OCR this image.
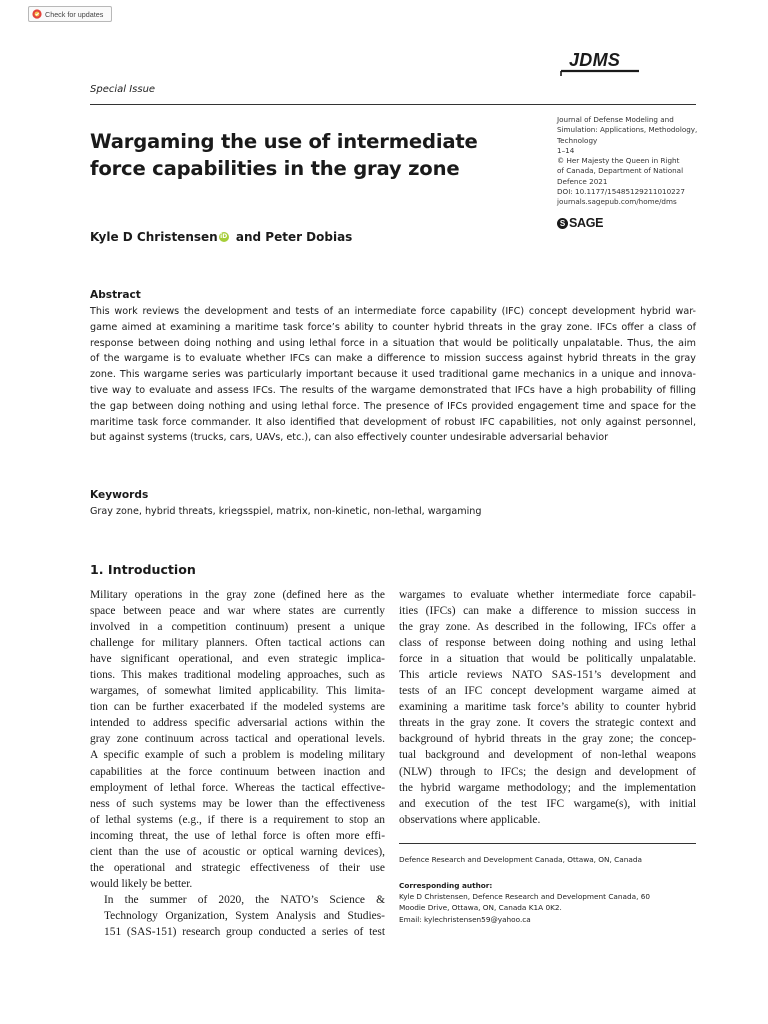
Check for updates
JDMS
Special Issue
Wargaming the use of intermediate
force capabilities in the gray zone
Journal of Defense Modeling and
Simulation: Applications, Methodology,
Technology
1–14
© Her Majesty the Queen in Right
of Canada, Department of National
Defence 2021
DOI: 10.1177/15485129211010227
journals.sagepub.com/home/dms
S SAGE
Kyle D Christensen iD and Peter Dobias
Abstract
This work reviews the development and tests of an intermediate force capability (IFC) concept development hybrid war-
game aimed at examining a maritime task force’s ability to counter hybrid threats in the gray zone. IFCs offer a class of
response between doing nothing and using lethal force in a situation that would be politically unpalatable. Thus, the aim
of the wargame is to evaluate whether IFCs can make a difference to mission success against hybrid threats in the gray
zone. This wargame series was particularly important because it used traditional game mechanics in a unique and innova-
tive way to evaluate and assess IFCs. The results of the wargame demonstrated that IFCs have a high probability of filling
the gap between doing nothing and using lethal force. The presence of IFCs provided engagement time and space for the
maritime task force commander. It also identified that development of robust IFC capabilities, not only against personnel,
but against systems (trucks, cars, UAVs, etc.), can also effectively counter undesirable adversarial behavior
Keywords
Gray zone, hybrid threats, kriegsspiel, matrix, non-kinetic, non-lethal, wargaming
1. Introduction

Military operations in the gray zone (defined here as the
space between peace and war where states are currently
involved in a competition continuum) present a unique
challenge for military planners. Often tactical actions can
have significant operational, and even strategic implica-
tions. This makes traditional modeling approaches, such as
wargames, of somewhat limited applicability. This limita-
tion can be further exacerbated if the modeled systems are
intended to address specific adversarial actions within the
gray zone continuum across tactical and operational levels.
A specific example of such a problem is modeling military
capabilities at the force continuum between inaction and
employment of lethal force. Whereas the tactical effective-
ness of such systems may be lower than the effectiveness
of lethal systems (e.g., if there is a requirement to stop an
incoming threat, the use of lethal force is often more effi-
cient than the use of acoustic or optical warning devices),
the operational and strategic effectiveness of their use
would likely be better.

In the summer of 2020, the NATO’s Science &
Technology Organization, System Analysis and Studies-
151 (SAS-151) research group conducted a series of test

wargames to evaluate whether intermediate force capabil-
ities (IFCs) can make a difference to mission success in
the gray zone. As described in the following, IFCs offer a
class of response between doing nothing and using lethal
force in a situation that would be politically unpalatable.
This article reviews NATO SAS-151’s development and
tests of an IFC concept development wargame aimed at
examining a maritime task force’s ability to counter hybrid
threats in the gray zone. It covers the strategic context and
background of hybrid threats in the gray zone; the concep-
tual background and development of non-lethal weapons
(NLW) through to IFCs; the design and development of
the hybrid wargame methodology; and the implementation
and execution of the test IFC wargame(s), with initial
observations where applicable.

Defence Research and Development Canada, Ottawa, ON, Canada
Corresponding author:
Kyle D Christensen, Defence Research and Development Canada, 60
Moodie Drive, Ottawa, ON, Canada K1A 0K2.
Email: kylechristensen59@yahoo.ca
